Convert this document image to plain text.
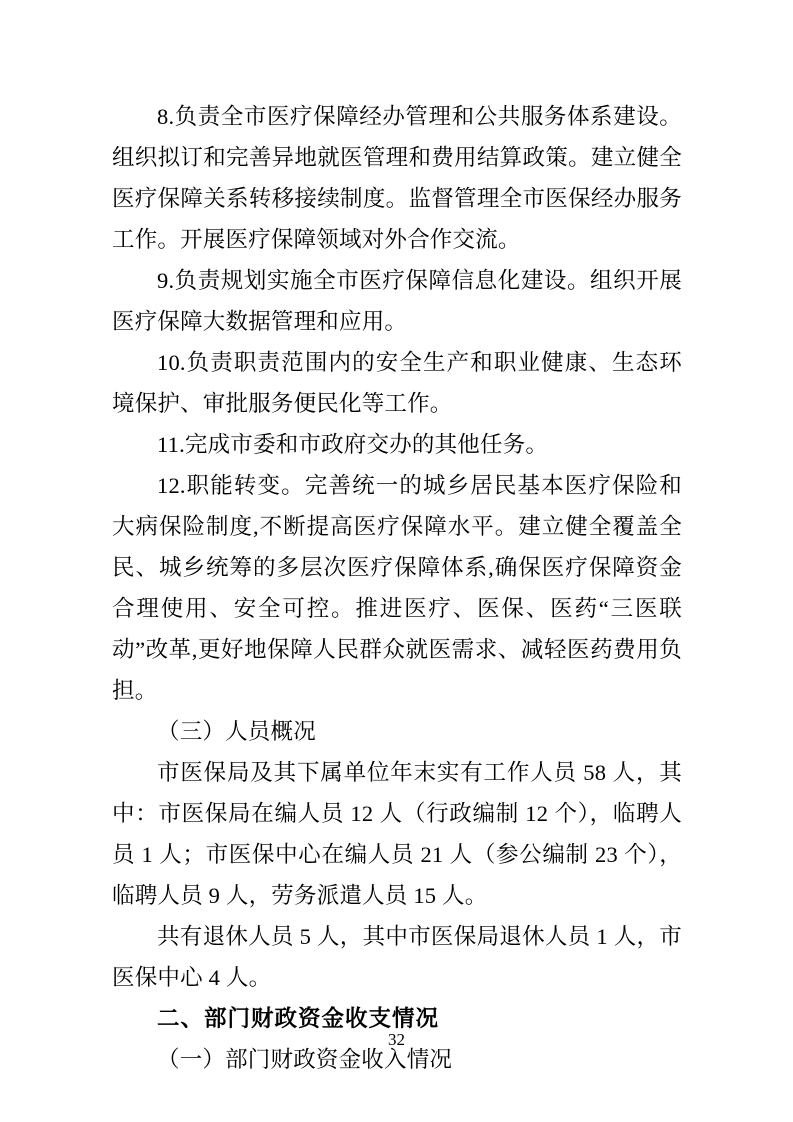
8.负责全市医疗保障经办管理和公共服务体系建设。组织拟订和完善异地就医管理和费用结算政策。建立健全医疗保障关系转移接续制度。监督管理全市医保经办服务工作。开展医疗保障领域对外合作交流。

9.负责规划实施全市医疗保障信息化建设。组织开展医疗保障大数据管理和应用。

10.负责职责范围内的安全生产和职业健康、生态环境保护、审批服务便民化等工作。

11.完成市委和市政府交办的其他任务。

12.职能转变。完善统一的城乡居民基本医疗保险和大病保险制度,不断提高医疗保障水平。建立健全覆盖全民、城乡统筹的多层次医疗保障体系,确保医疗保障资金合理使用、安全可控。推进医疗、医保、医药“三医联动”改革,更好地保障人民群众就医需求、减轻医药费用负担。

（三）人员概况

市医保局及其下属单位年末实有工作人员 58 人，其中：市医保局在编人员 12 人（行政编制 12 个），临聘人员 1 人；市医保中心在编人员 21 人（参公编制 23 个），临聘人员 9 人，劳务派遣人员 15 人。

共有退休人员 5 人，其中市医保局退休人员 1 人，市医保中心 4 人。

二、部门财政资金收支情况

（一）部门财政资金收入情况

32
